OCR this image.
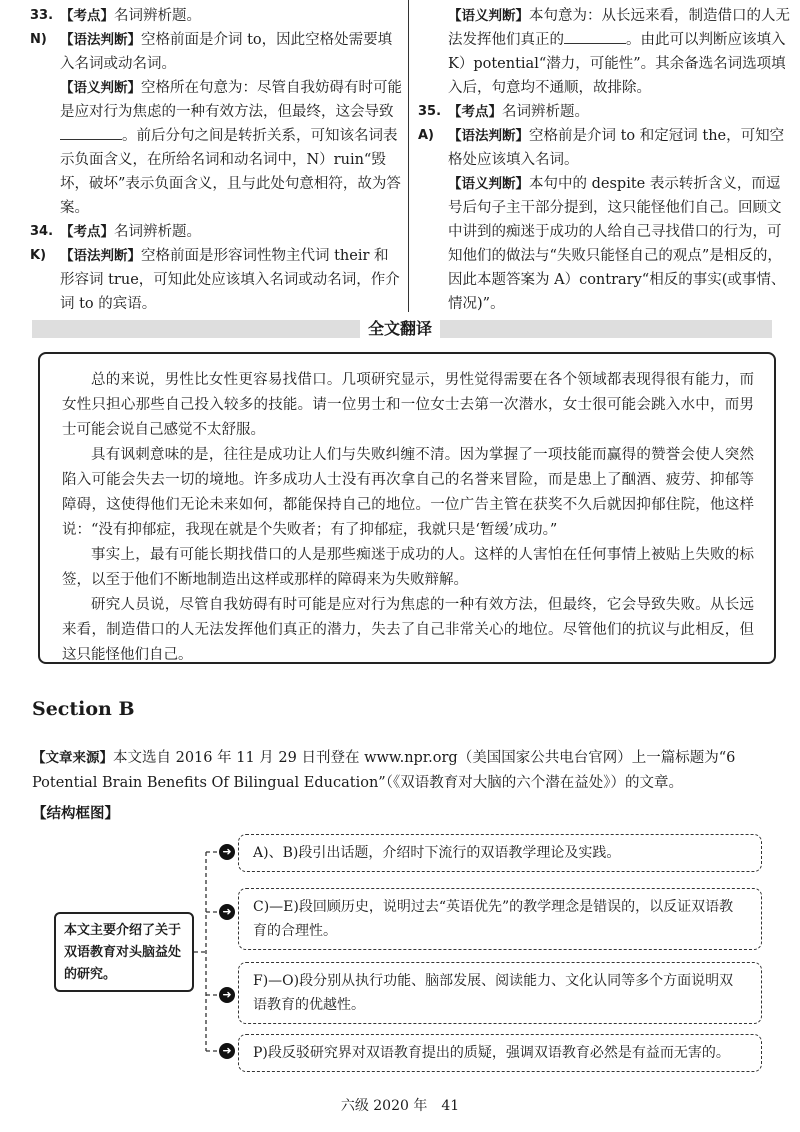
33. 【考点】名词辨析题。

N) 【语法判断】空格前面是介词 to，因此空格处需要填入名词或动名词。

【语义判断】空格所在句意为：尽管自我妨碍有时可能是应对行为焦虑的一种有效方法，但最终，这会导致。前后分句之间是转折关系，可知该名词表示负面含义，在所给名词和动名词中，N）ruin“毁坏，破坏”表示负面含义，且与此处句意相符，故为答案。

34. 【考点】名词辨析题。

K) 【语法判断】空格前面是形容词性物主代词 their 和形容词 true，可知此处应该填入名词或动名词，作介词 to 的宾语。

【语义判断】本句意为：从长远来看，制造借口的人无法发挥他们真正的	。由此可以判断应该填入 K）potential“潜力，可能性”。其余备选名词选项填入后，句意均不通顺，故排除。

35. 【考点】名词辨析题。

A) 【语法判断】空格前是介词 to 和定冠词 the，可知空格处应该填入名词。

【语义判断】本句中的 despite 表示转折含义，而逗号后句子主干部分提到，这只能怪他们自己。回顾文中讲到的痴迷于成功的人给自己寻找借口的行为，可知他们的做法与“失败只能怪自己的观点”是相反的，因此本题答案为 A）contrary“相反的事实(或事情、情况)”。

全文翻译

总的来说，男性比女性更容易找借口。几项研究显示，男性觉得需要在各个领域都表现得很有能力，而女性只担心那些自己投入较多的技能。请一位男士和一位女士去第一次潜水，女士很可能会跳入水中，而男士可能会说自己感觉不太舒服。

具有讽刺意味的是，往往是成功让人们与失败纠缠不清。因为掌握了一项技能而赢得的赞誉会使人突然陷入可能会失去一切的境地。许多成功人士没有再次拿自己的名誉来冒险，而是患上了酗酒、疲劳、抑郁等障碍，这使得他们无论未来如何，都能保持自己的地位。一位广告主管在获奖不久后就因抑郁住院，他这样说：“没有抑郁症，我现在就是个失败者；有了抑郁症，我就只是‘暂缓’成功。”

事实上，最有可能长期找借口的人是那些痴迷于成功的人。这样的人害怕在任何事情上被贴上失败的标签，以至于他们不断地制造出这样或那样的障碍来为失败辩解。

研究人员说，尽管自我妨碍有时可能是应对行为焦虑的一种有效方法，但最终，它会导致失败。从长远来看，制造借口的人无法发挥他们真正的潜力，失去了自己非常关心的地位。尽管他们的抗议与此相反，但这只能怪他们自己。

Section B
【文章来源】本文选自 2016 年 11 月 29 日刊登在 www.npr.org（美国国家公共电台官网）上一篇标题为“6 Potential Brain Benefits Of Bilingual Education”（《双语教育对大脑的六个潜在益处》）的文章。
【结构框图】
本文主要介绍了关于双语教育对头脑益处的研究。
➜	A)、B)段引出话题，介绍时下流行的双语教学理论及实践。
➜	C)—E)段回顾历史，说明过去“英语优先”的教学理念是错误的，以反证双语教育的合理性。
➜
F)—O)段分别从执行功能、脑部发展、阅读能力、文化认同等多个方面说明双语教育的优越性。
➜	P)段反驳研究界对双语教育提出的质疑，强调双语教育必然是有益而无害的。
六级 2020 年　41
